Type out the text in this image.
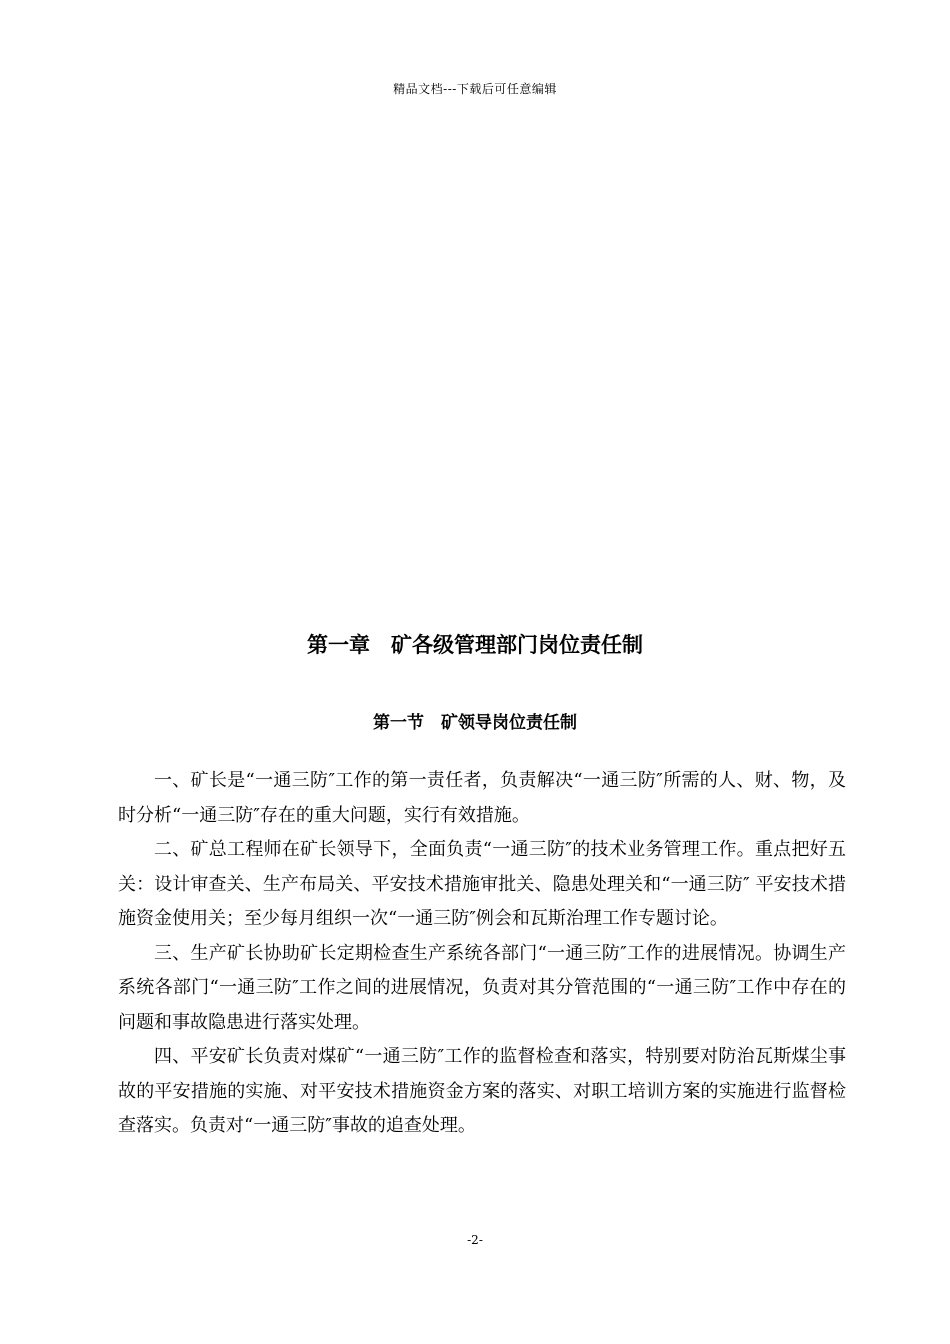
精品文档---下载后可任意编辑
第一章　矿各级管理部门岗位责任制
第一节　矿领导岗位责任制

一、矿长是“一通三防″工作的第一责任者，负责解决“一通三防″所需的人、财、物，及时分析“一通三防″存在的重大问题，实行有效措施。

二、矿总工程师在矿长领导下，全面负责“一通三防″的技术业务管理工作。重点把好五关：设计审查关、生产布局关、平安技术措施审批关、隐患处理关和“一通三防″ 平安技术措施资金使用关；至少每月组织一次“一通三防″例会和瓦斯治理工作专题讨论。

三、生产矿长协助矿长定期检查生产系统各部门“一通三防″工作的进展情况。协调生产系统各部门“一通三防″工作之间的进展情况，负责对其分管范围的“一通三防″工作中存在的问题和事故隐患进行落实处理。

四、平安矿长负责对煤矿“一通三防″工作的监督检查和落实，特别要对防治瓦斯煤尘事故的平安措施的实施、对平安技术措施资金方案的落实、对职工培训方案的实施进行监督检查落实。负责对“一通三防″事故的追查处理。

-2-
